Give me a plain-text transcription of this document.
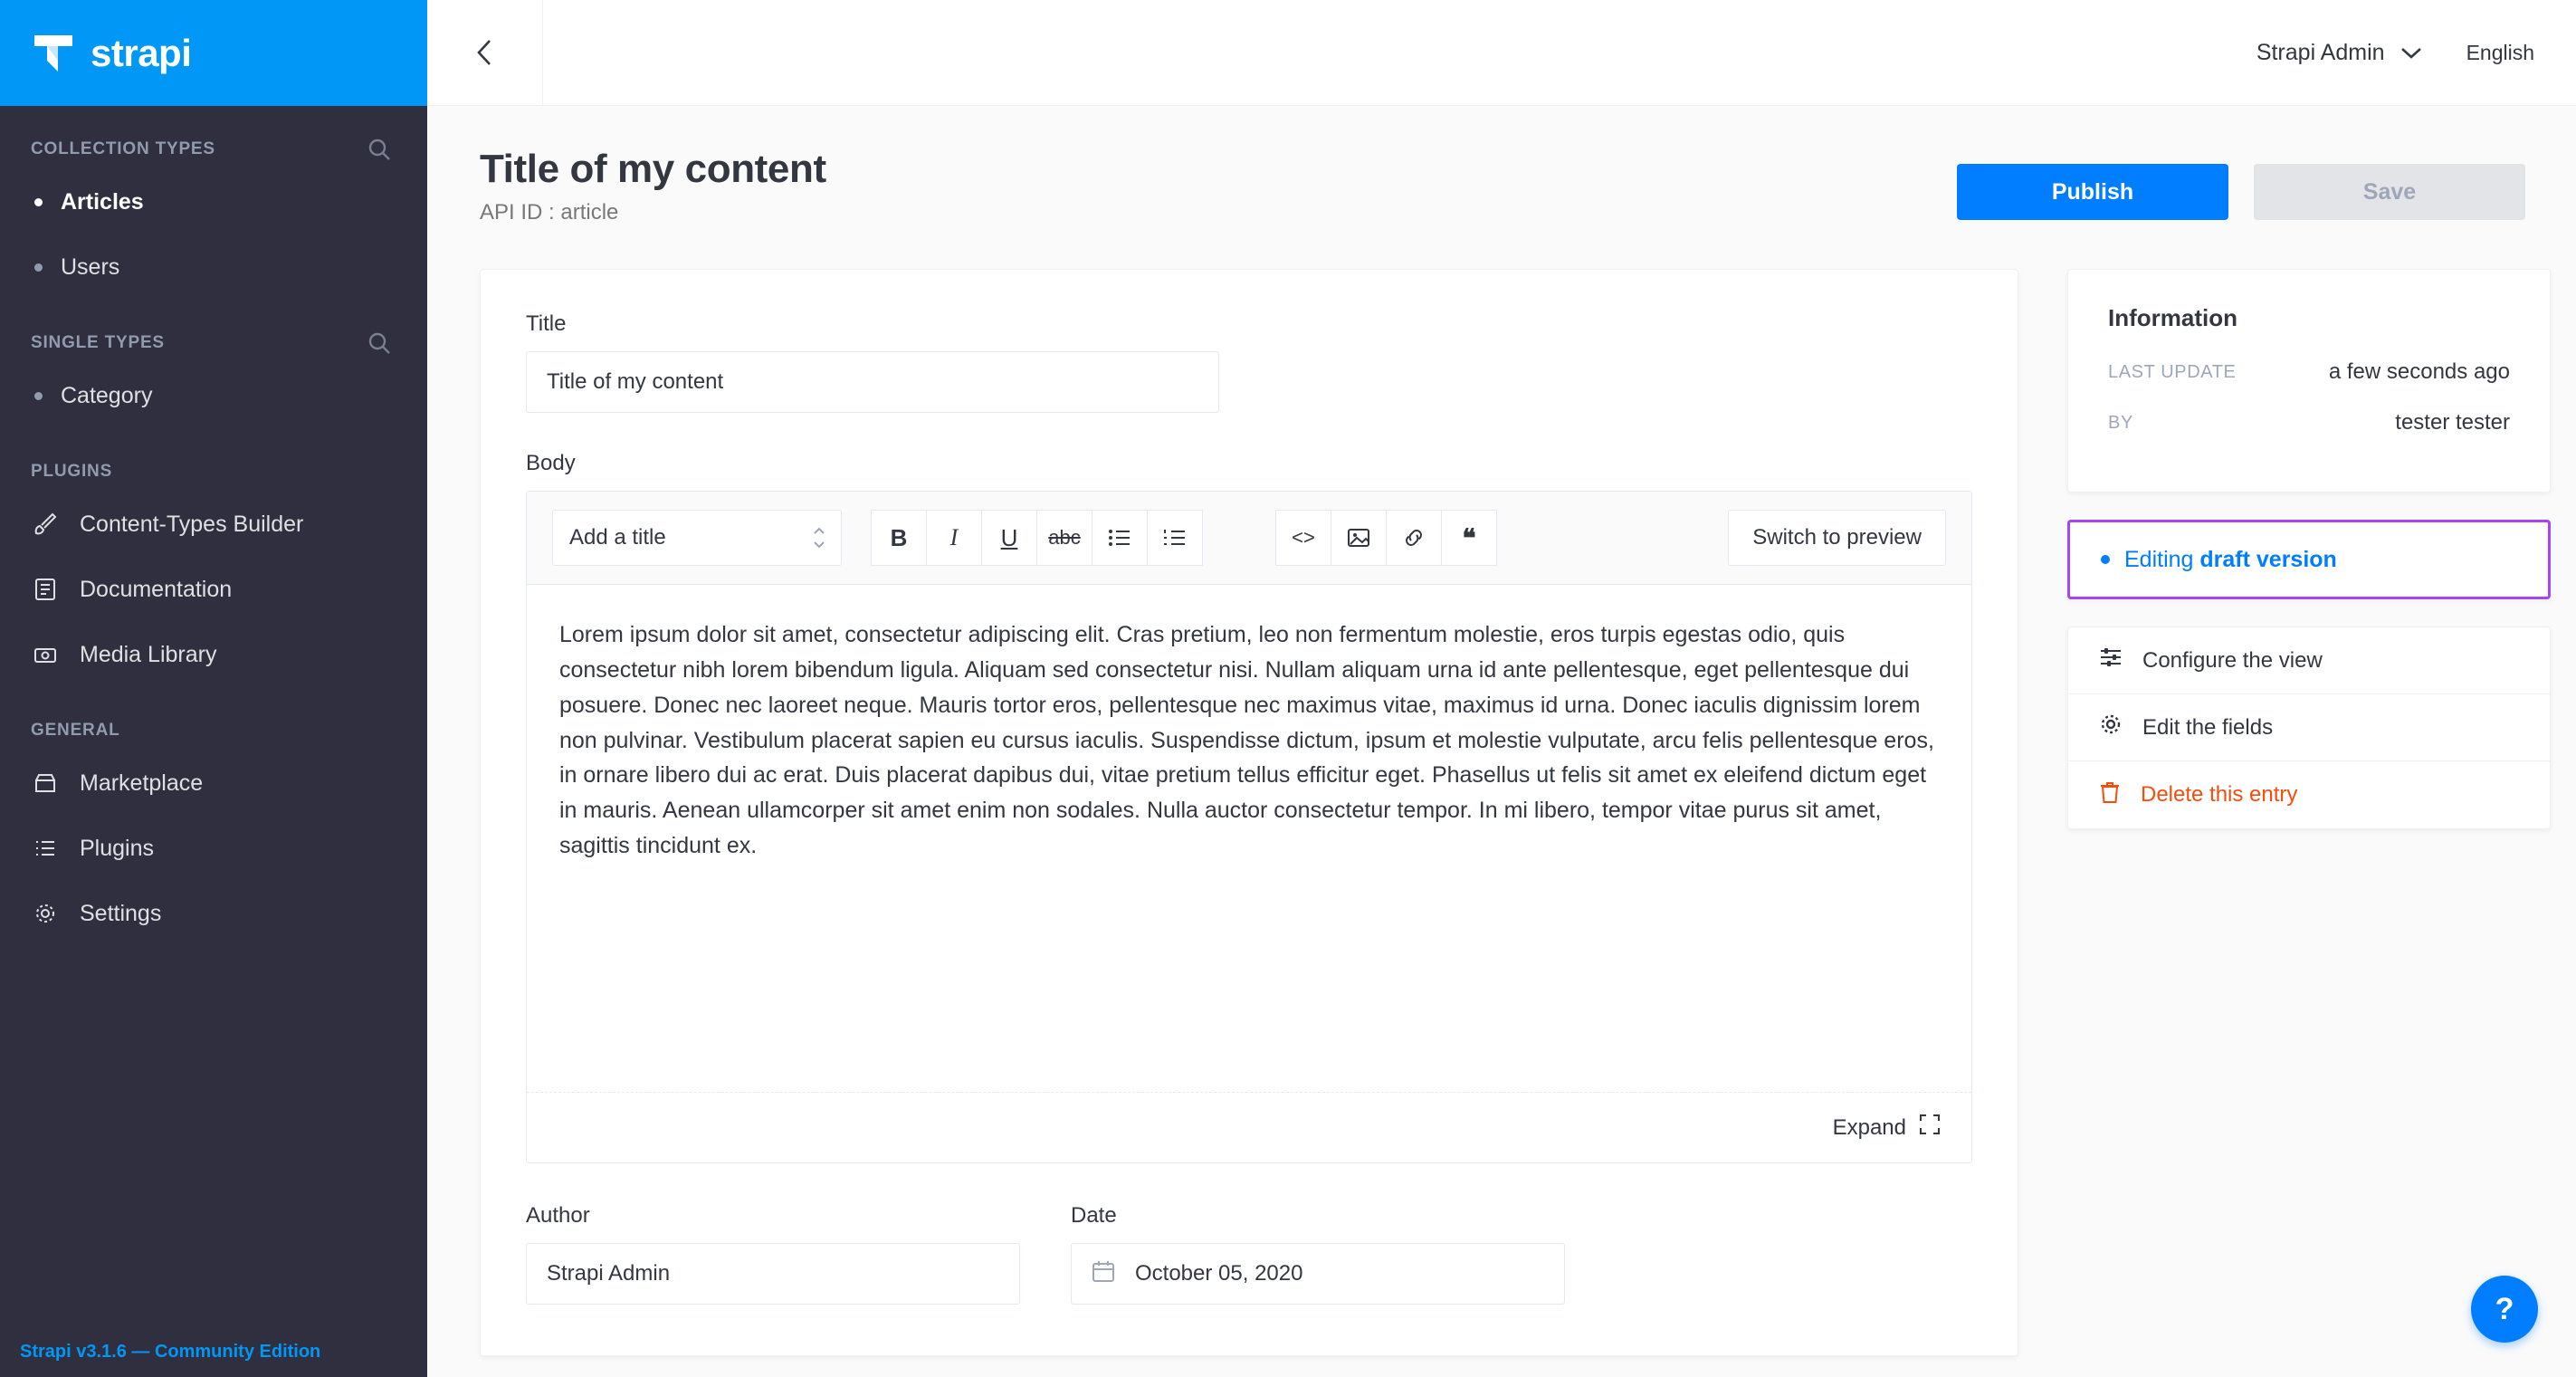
strapi
COLLECTION TYPES
Articles
Users
SINGLE TYPES
Category
PLUGINS
Content-Types Builder
Documentation
Media Library
GENERAL
Marketplace
Plugins
Settings
Strapi v3.1.6 — Community Edition
Strapi Admin	English
Title of my content
API ID : article
Publish	Save
Title
Title of my content
Body
Add a title	B I U abc	<>	❝	Switch to preview
Lorem ipsum dolor sit amet, consectetur adipiscing elit. Cras pretium, leo non fermentum molestie, eros turpis egestas odio, quis consectetur nibh lorem bibendum ligula. Aliquam sed consectetur nisi. Nullam aliquam urna id ante pellentesque, eget pellentesque dui posuere. Donec nec laoreet neque. Mauris tortor eros, pellentesque nec maximus vitae, maximus id urna. Donec iaculis dignissim lorem non pulvinar. Vestibulum placerat sapien eu cursus iaculis. Suspendisse dictum, ipsum et molestie vulputate, arcu felis pellentesque eros, in ornare libero dui ac erat. Duis placerat dapibus dui, vitae pretium tellus efficitur eget. Phasellus ut felis sit amet ex eleifend dictum eget in mauris. Aenean ullamcorper sit amet enim non sodales. Nulla auctor consectetur tempor. In mi libero, tempor vitae purus sit amet, sagittis tincidunt ex.
Expand
Author
Strapi Admin	Date
October 05, 2020
Information
LAST UPDATE	a few seconds ago
BY	tester tester
Editing draft version
Configure the view
Edit the fields
Delete this entry
?
